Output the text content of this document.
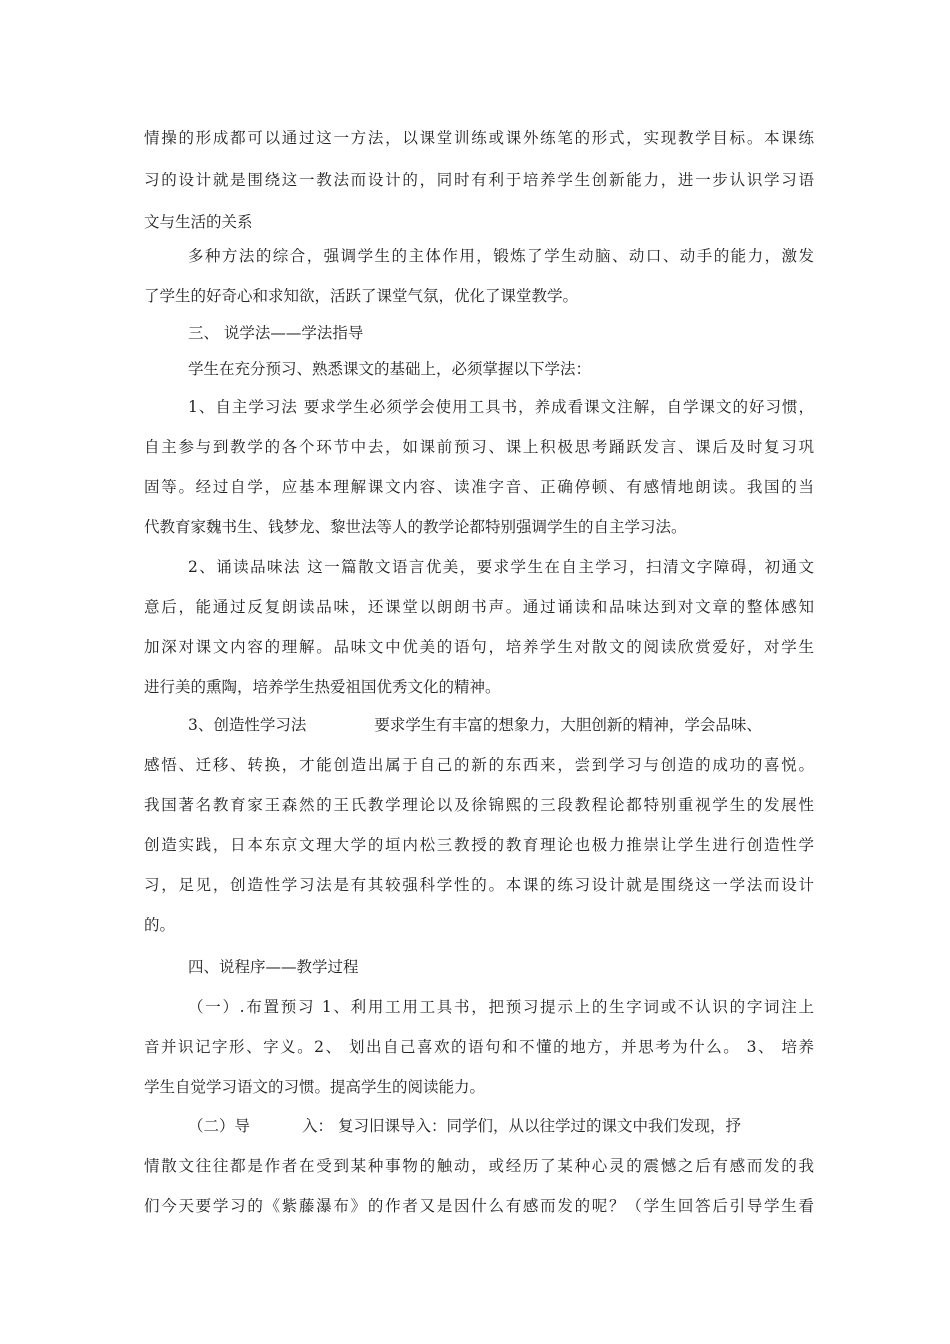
情操的形成都可以通过这一方法，以课堂训练或课外练笔的形式，实现教学目标。本课练
习的设计就是围绕这一教法而设计的，同时有利于培养学生创新能力，进一步认识学习语
文与生活的关系
多种方法的综合，强调学生的主体作用，锻炼了学生动脑、动口、动手的能力，激发
了学生的好奇心和求知欲，活跃了课堂气氛，优化了课堂教学。
三、 说学法——学法指导
学生在充分预习、熟悉课文的基础上，必须掌握以下学法：
1、自主学习法 要求学生必须学会使用工具书，养成看课文注解，自学课文的好习惯，
自主参与到教学的各个环节中去，如课前预习、课上积极思考踊跃发言、课后及时复习巩
固等。经过自学，应基本理解课文内容、读准字音、正确停顿、有感情地朗读。我国的当
代教育家魏书生、钱梦龙、黎世法等人的教学论都特别强调学生的自主学习法。
2、诵读品味法 这一篇散文语言优美，要求学生在自主学习，扫清文字障碍，初通文
意后，能通过反复朗读品味，还课堂以朗朗书声。通过诵读和品味达到对文章的整体感知
加深对课文内容的理解。品味文中优美的语句，培养学生对散文的阅读欣赏爱好，对学生
进行美的熏陶，培养学生热爱祖国优秀文化的精神。
3、创造性学习法	要求学生有丰富的想象力，大胆创新的精神，学会品味、
感悟、迁移、转换，才能创造出属于自己的新的东西来，尝到学习与创造的成功的喜悦。
我国著名教育家王森然的王氏教学理论以及徐锦熙的三段教程论都特别重视学生的发展性
创造实践，日本东京文理大学的垣内松三教授的教育理论也极力推崇让学生进行创造性学
习，足见，创造性学习法是有其较强科学性的。本课的练习设计就是围绕这一学法而设计
的。
四、说程序——教学过程
（一）.布置预习 1、利用工用工具书，把预习提示上的生字词或不认识的字词注上
音并识记字形、字义。2、 划出自己喜欢的语句和不懂的地方，并思考为什么。 3、 培养
学生自觉学习语文的习惯。提高学生的阅读能力。
（二）导	入： 复习旧课导入：同学们，从以往学过的课文中我们发现，抒
情散文往往都是作者在受到某种事物的触动，或经历了某种心灵的震憾之后有感而发的我
们今天要学习的《紫藤瀑布》的作者又是因什么有感而发的呢？（学生回答后引导学生看
